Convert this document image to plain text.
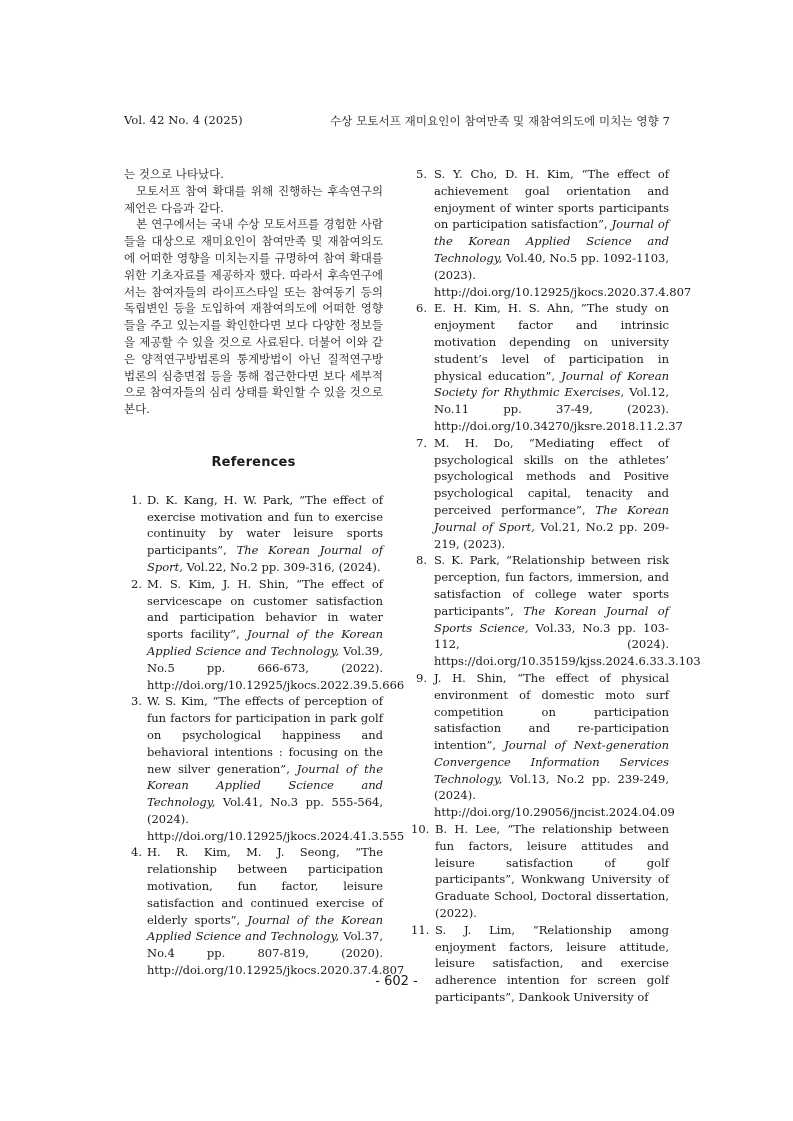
Vol. 42 No. 4 (2025)	수상 모토서프 재미요인이 참여만족 및 재참여의도에 미치는 영향 7

는 것으로 나타났다.

모토서프 참여 확대를 위해 진행하는 후속연구의 제언은 다음과 같다.

본 연구에서는 국내 수상 모토서프를 경험한 사람들을 대상으로 재미요인이 참여만족 및 재참여의도에 어떠한 영향을 미치는지를 규명하여 참여 확대를 위한 기초자료를 제공하자 했다. 따라서 후속연구에서는 참여자들의 라이프스타일 또는 참여동기 등의 독립변인 등을 도입하여 재참여의도에 어떠한 영향들을 주고 있는지를 확인한다면 보다 다양한 정보들을 제공할 수 있을 것으로 사료된다. 더불어 이와 같은 양적연구방법론의 통계방법이 아닌 질적연구방법론의 심층면접 등을 통해 접근한다면 보다 세부적으로 참여자들의 심리 상태를 확인할 수 있을 것으로 본다.

References
1. D. K. Kang, H. W. Park, “The effect of exercise motivation and fun to exercise continuity by water leisure sports participants”, The Korean Journal of Sport, Vol.22, No.2 pp. 309-316, (2024).
2. M. S. Kim, J. H. Shin, “The effect of servicescape on customer satisfaction and participation behavior in water sports facility”, Journal of the Korean Applied Science and Technology, Vol.39, No.5 pp. 666-673, (2022). http://doi.org/10.12925/jkocs.2022.39.5.666
3. W. S. Kim, “The effects of perception of fun factors for participation in park golf on psychological happiness and behavioral intentions : focusing on the new silver generation”, Journal of the Korean Applied Science and Technology, Vol.41, No.3 pp. 555-564, (2024). http://doi.org/10.12925/jkocs.2024.41.3.555
4. H. R. Kim, M. J. Seong, “The relationship between participation motivation, fun factor, leisure satisfaction and continued exercise of elderly sports”, Journal of the Korean Applied Science and Technology, Vol.37, No.4 pp. 807-819, (2020). http://doi.org/10.12925/jkocs.2020.37.4.807
5. S. Y. Cho, D. H. Kim, “The effect of achievement goal orientation and enjoyment of winter sports participants on participation satisfaction”, Journal of the Korean Applied Science and Technology, Vol.40, No.5 pp. 1092-1103, (2023). http://doi.org/10.12925/jkocs.2020.37.4.807
6. E. H. Kim, H. S. Ahn, “The study on enjoyment factor and intrinsic motivation depending on university student’s level of participation in physical education”, Journal of Korean Society for Rhythmic Exercises, Vol.12, No.11 pp. 37-49, (2023). http://doi.org/10.34270/jksre.2018.11.2.37
7. M. H. Do, “Mediating effect of psychological skills on the athletes’ psychological methods and Positive psychological capital, tenacity and perceived performance”, The Korean Journal of Sport, Vol.21, No.2 pp. 209-219, (2023).
8. S. K. Park, “Relationship between risk perception, fun factors, immersion, and satisfaction of college water sports participants”, The Korean Journal of Sports Science, Vol.33, No.3 pp. 103-112, (2024). https://doi.org/10.35159/kjss.2024.6.33.3.103
9. J. H. Shin, “The effect of physical environment of domestic moto surf competition on participation satisfaction and re-participation intention”, Journal of Next-generation Convergence Information Services Technology, Vol.13, No.2 pp. 239-249, (2024). http://doi.org/10.29056/jncist.2024.04.09
10. B. H. Lee, “The relationship between fun factors, leisure attitudes and leisure satisfaction of golf participants”, Wonkwang University of Graduate School, Doctoral dissertation, (2022).
11. S. J. Lim, “Relationship among enjoyment factors, leisure attitude, leisure satisfaction, and exercise adherence intention for screen golf participants”, Dankook University of
- 602 -
